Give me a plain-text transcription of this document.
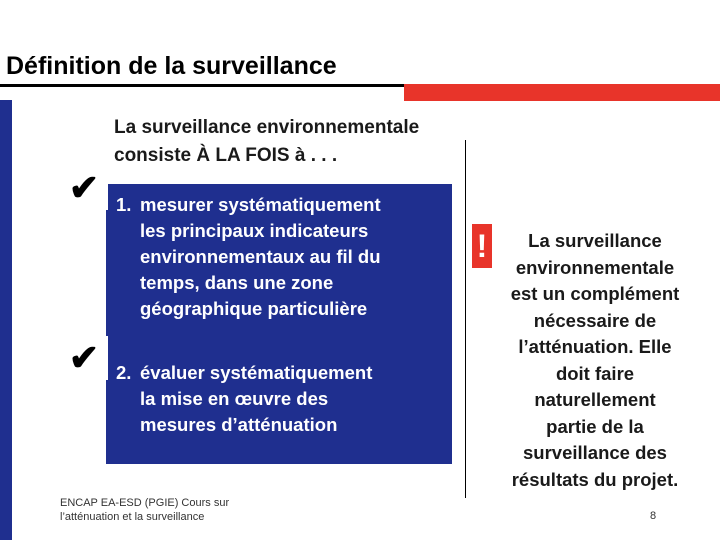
Définition de la surveillance
La surveillance environnementale
consiste À LA FOIS à . . .
✔ 1. mesurer systématiquement
les principaux indicateurs
environnementaux au fil du
temps, dans une zone
géographique particulière
✔ 2. évaluer systématiquement
la mise en œuvre des
mesures d’atténuation
!	La surveillance
environnementale
est un complément
nécessaire de
l’atténuation. Elle
doit faire
naturellement
partie de la
surveillance des
résultats du projet.
ENCAP EA-ESD (PGIE) Cours sur
l’atténuation et la surveillance	8
